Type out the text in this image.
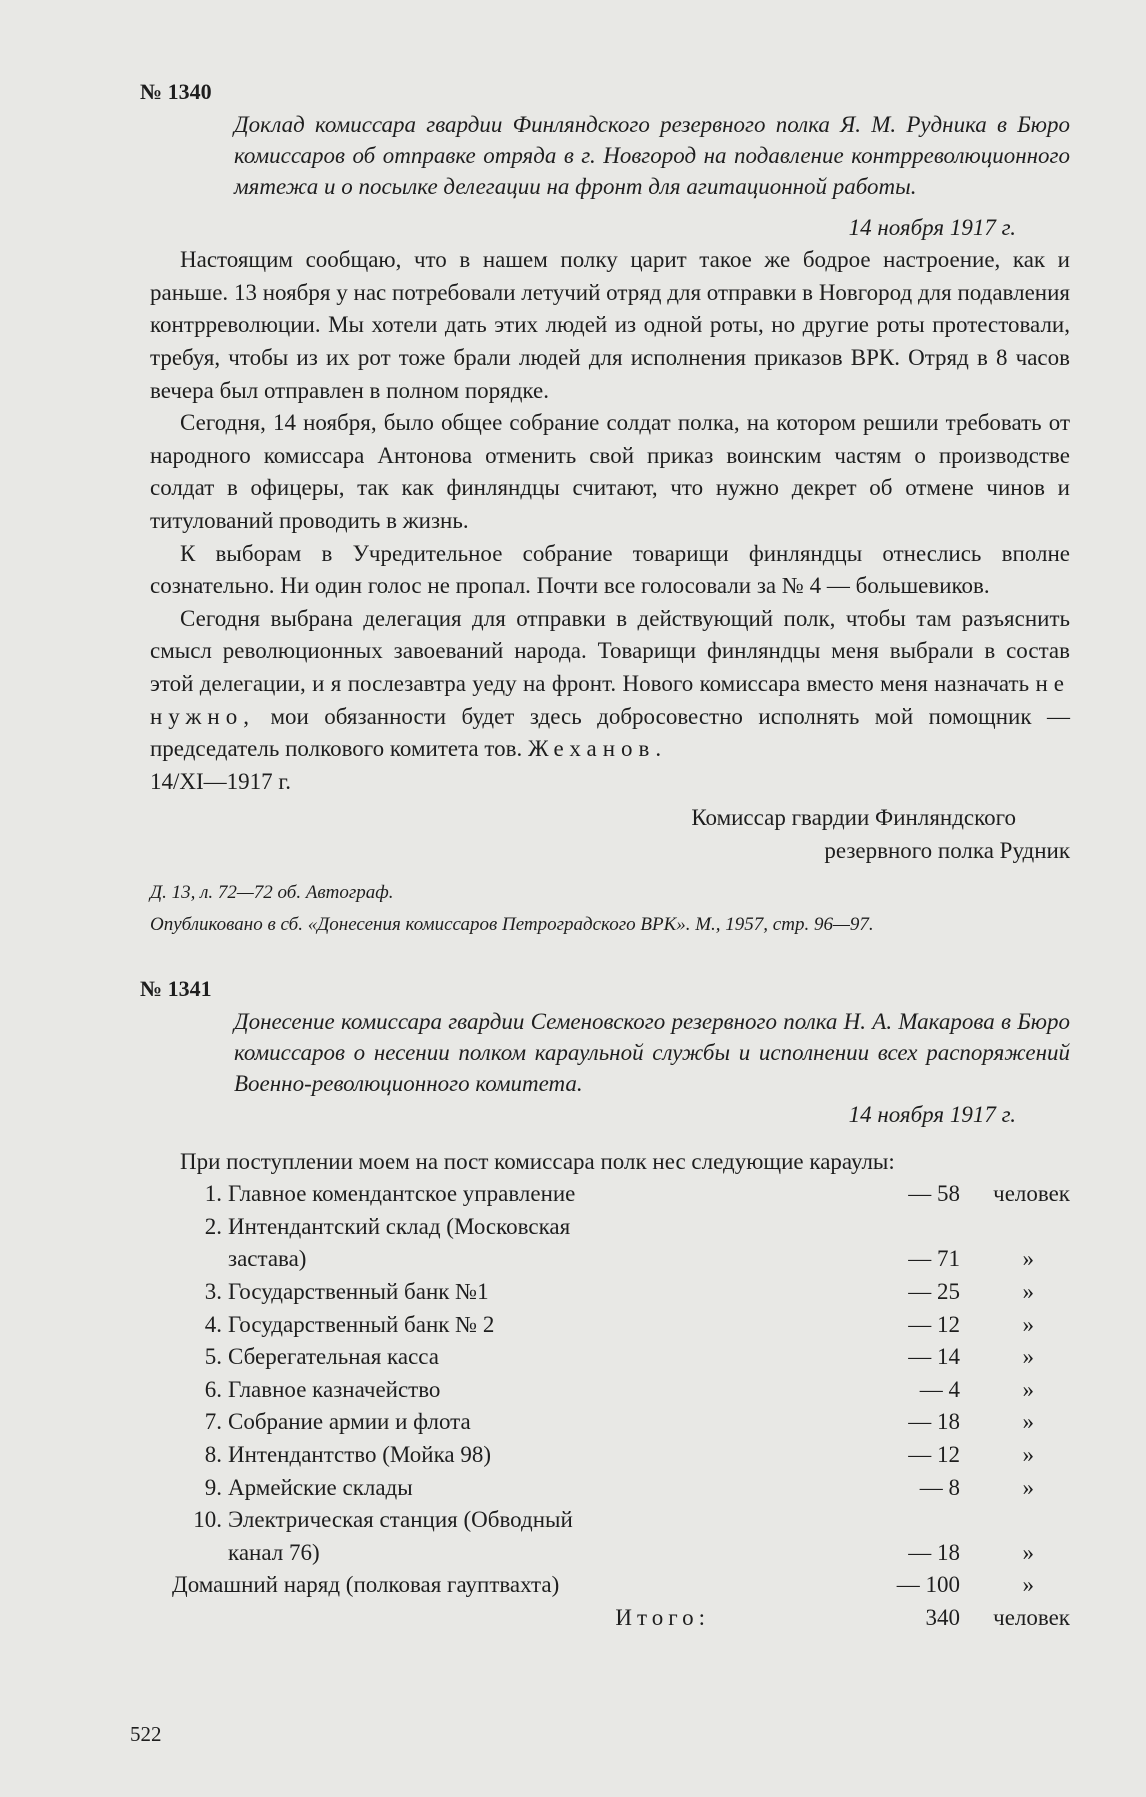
№ 1340
Доклад комиссара гвардии Финляндского резервного полка Я. М. Рудника в Бюро комиссаров об отправке отряда в г. Новгород на подавление контрреволюционного мятежа и о посылке делегации на фронт для агитационной работы.
14 ноября 1917 г.

Настоящим сообщаю, что в нашем полку царит такое же бодрое настроение, как и раньше. 13 ноября у нас потребовали летучий отряд для отправки в Новгород для подавления контрреволюции. Мы хотели дать этих людей из одной роты, но другие роты протестовали, требуя, чтобы из их рот тоже брали людей для исполнения приказов ВРК. Отряд в 8 часов вечера был отправлен в полном порядке.

Сегодня, 14 ноября, было общее собрание солдат полка, на котором решили требовать от народного комиссара Антонова отменить свой приказ воинским частям о производстве солдат в офицеры, так как финляндцы считают, что нужно декрет об отмене чинов и титулований проводить в жизнь.

К выборам в Учредительное собрание товарищи финляндцы отнеслись вполне сознательно. Ни один голос не пропал. Почти все голосовали за № 4 — большевиков.

Сегодня выбрана делегация для отправки в действующий полк, чтобы там разъяснить смысл революционных завоеваний народа. Товарищи финляндцы меня выбрали в состав этой делегации, и я послезавтра уеду на фронт. Нового комиссара вместо меня назначать не нужно, мои обязанности будет здесь добросовестно исполнять мой помощник — председатель полкового комитета тов. Жеханов.

14/XI—1917 г.
Комиссар гвардии Финляндского
резервного полка Рудник
Д. 13, л. 72—72 об. Автограф.
Опубликовано в сб. «Донесения комиссаров Петроградского ВРК». М., 1957, стр. 96—97.
№ 1341
Донесение комиссара гвардии Семеновского резервного полка Н. А. Макарова в Бюро комиссаров о несении полком караульной службы и исполнении всех распоряжений Военно-революционного комитета.
14 ноября 1917 г.

При поступлении моем на пост комиссара полк нес следующие караулы:

1. Главное комендантское управление	— 58	человек
2. Интендантский склад (Московская
застава)	— 71	»
3. Государственный банк №1	— 25	»
4. Государственный банк № 2	— 12	»
5. Сберегательная касса	— 14	»
6. Главное казначейство	— 4	»
7. Собрание армии и флота	— 18	»
8. Интендантство (Мойка 98)	— 12	»
9. Армейские склады	— 8	»
10. Электрическая станция (Обводный
канал 76)	— 18	»
Домашний наряд (полковая гауптвахта)	— 100	»
Итого:	340	человек
522
